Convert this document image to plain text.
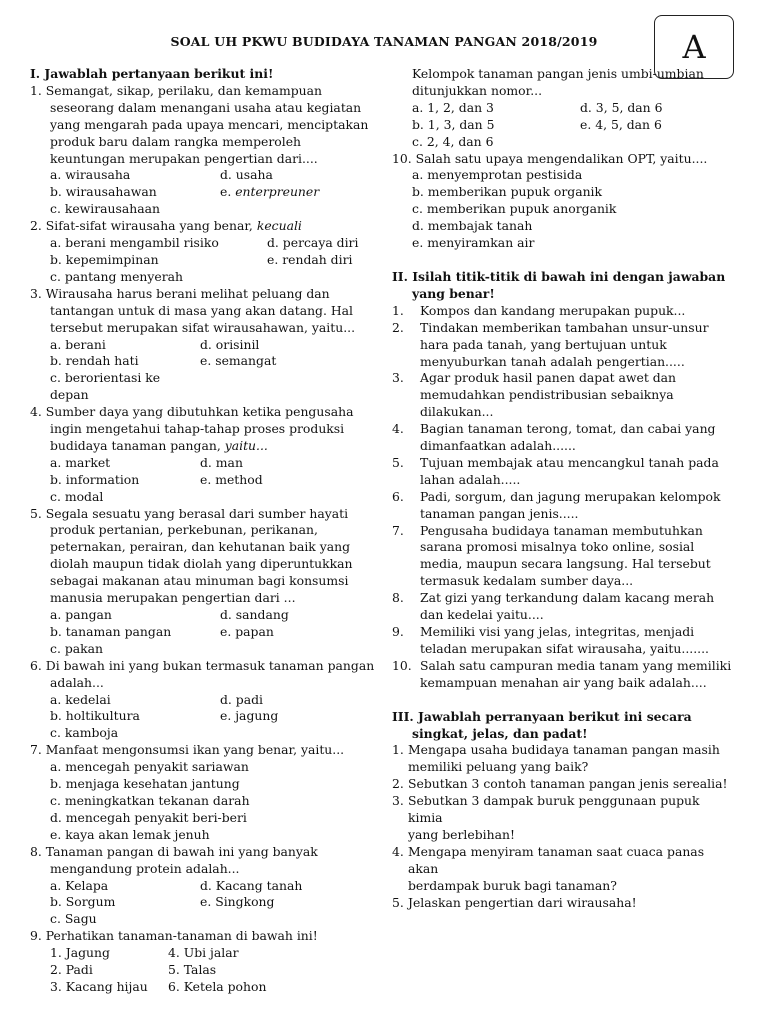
SOAL UH PKWU BUDIDAYA TANAMAN PANGAN 2018/2019	A
I. Jawablah pertanyaan berikut ini!
1.
Semangat, sikap, perilaku, dan kemampuan
seseorang dalam menangani usaha atau kegiatan
yang mengarah pada upaya mencari, menciptakan
produk baru dalam rangka memperoleh
keuntungan merupakan pengertian dari....
a. wirausaha	d. usaha
b. wirausahawan	e. enterpreuner
c. kewirausahaan
2.
Sifat-sifat wirausaha yang benar, kecuali
a. berani mengambil risiko	d. percaya diri
b. kepemimpinan	e. rendah diri
c. pantang menyerah
3.
Wirausaha harus berani melihat peluang dan
tantangan untuk di masa yang akan datang. Hal
tersebut merupakan sifat wirausahawan, yaitu...
a. berani	d. orisinil
b. rendah hati	e. semangat
c. berorientasi ke depan
4.
Sumber daya yang dibutuhkan ketika pengusaha
ingin mengetahui tahap-tahap proses produksi
budidaya tanaman pangan, yaitu...
a. market	d. man
b. information	e. method
c. modal
5.
Segala sesuatu yang berasal dari sumber hayati
produk pertanian, perkebunan, perikanan,
peternakan, perairan, dan kehutanan baik yang
diolah maupun tidak diolah yang diperuntukkan
sebagai makanan atau minuman bagi konsumsi
manusia merupakan pengertian dari ...
a. pangan	d. sandang
b. tanaman pangan	e. papan
c. pakan
6.
Di bawah ini yang bukan termasuk tanaman pangan
adalah...
a. kedelai	d. padi
b. holtikultura	e. jagung
c. kamboja
7.
Manfaat mengonsumsi ikan yang benar, yaitu...
a. mencegah penyakit sariawan
b. menjaga kesehatan jantung
c. meningkatkan tekanan darah
d. mencegah penyakit beri-beri
e. kaya akan lemak jenuh
8.
Tanaman pangan di bawah ini yang banyak
mengandung protein adalah...
a. Kelapa	d. Kacang tanah
b. Sorgum	e. Singkong
c. Sagu
9.
Perhatikan tanaman-tanaman di bawah ini!
1. Jagung	4. Ubi jalar
2. Padi	5. Talas
3. Kacang hijau	6. Ketela pohon
Kelompok tanaman pangan jenis umbi-umbian
ditunjukkan nomor...
a. 1, 2, dan 3	d. 3, 5, dan 6
b. 1, 3, dan 5	e. 4, 5, dan 6
c. 2, 4, dan 6
10.
Salah satu upaya mengendalikan OPT, yaitu....
a. menyemprotan pestisida
b. memberikan pupuk organik
c. memberikan pupuk anorganik
d. membajak tanah
e. menyiramkan air
II. Isilah titik-titik di bawah ini dengan jawaban
yang benar!
1.	Kompos dan kandang merupakan pupuk...
2.	Tindakan memberikan tambahan unsur-unsur
hara pada tanah, yang bertujuan untuk
menyuburkan tanah adalah pengertian.....
3.	Agar produk hasil panen dapat awet dan
memudahkan pendistribusian sebaiknya
dilakukan...
4.	Bagian tanaman terong, tomat, dan cabai yang
dimanfaatkan adalah......
5.	Tujuan membajak atau mencangkul tanah pada
lahan adalah.....
6.	Padi, sorgum, dan jagung merupakan kelompok
tanaman pangan jenis.....
7.	Pengusaha budidaya tanaman membutuhkan
sarana promosi misalnya toko online, sosial
media, maupun secara langsung. Hal tersebut
termasuk kedalam sumber daya...
8.	Zat gizi yang terkandung dalam kacang merah
dan kedelai yaitu....
9.	Memiliki visi yang jelas, integritas, menjadi
teladan merupakan sifat wirausaha, yaitu.......
10. Salah satu campuran media tanam yang memiliki
kemampuan menahan air yang baik adalah....
III. Jawablah perranyaan berikut ini secara
singkat, jelas, dan padat!
1. Mengapa usaha budidaya tanaman pangan masih
memiliki peluang yang baik?
2. Sebutkan 3 contoh tanaman pangan jenis serealia!
3. Sebutkan 3 dampak buruk penggunaan pupuk kimia
yang berlebihan!
4. Mengapa menyiram tanaman saat cuaca panas akan
berdampak buruk bagi tanaman?
5. Jelaskan pengertian dari wirausaha!
